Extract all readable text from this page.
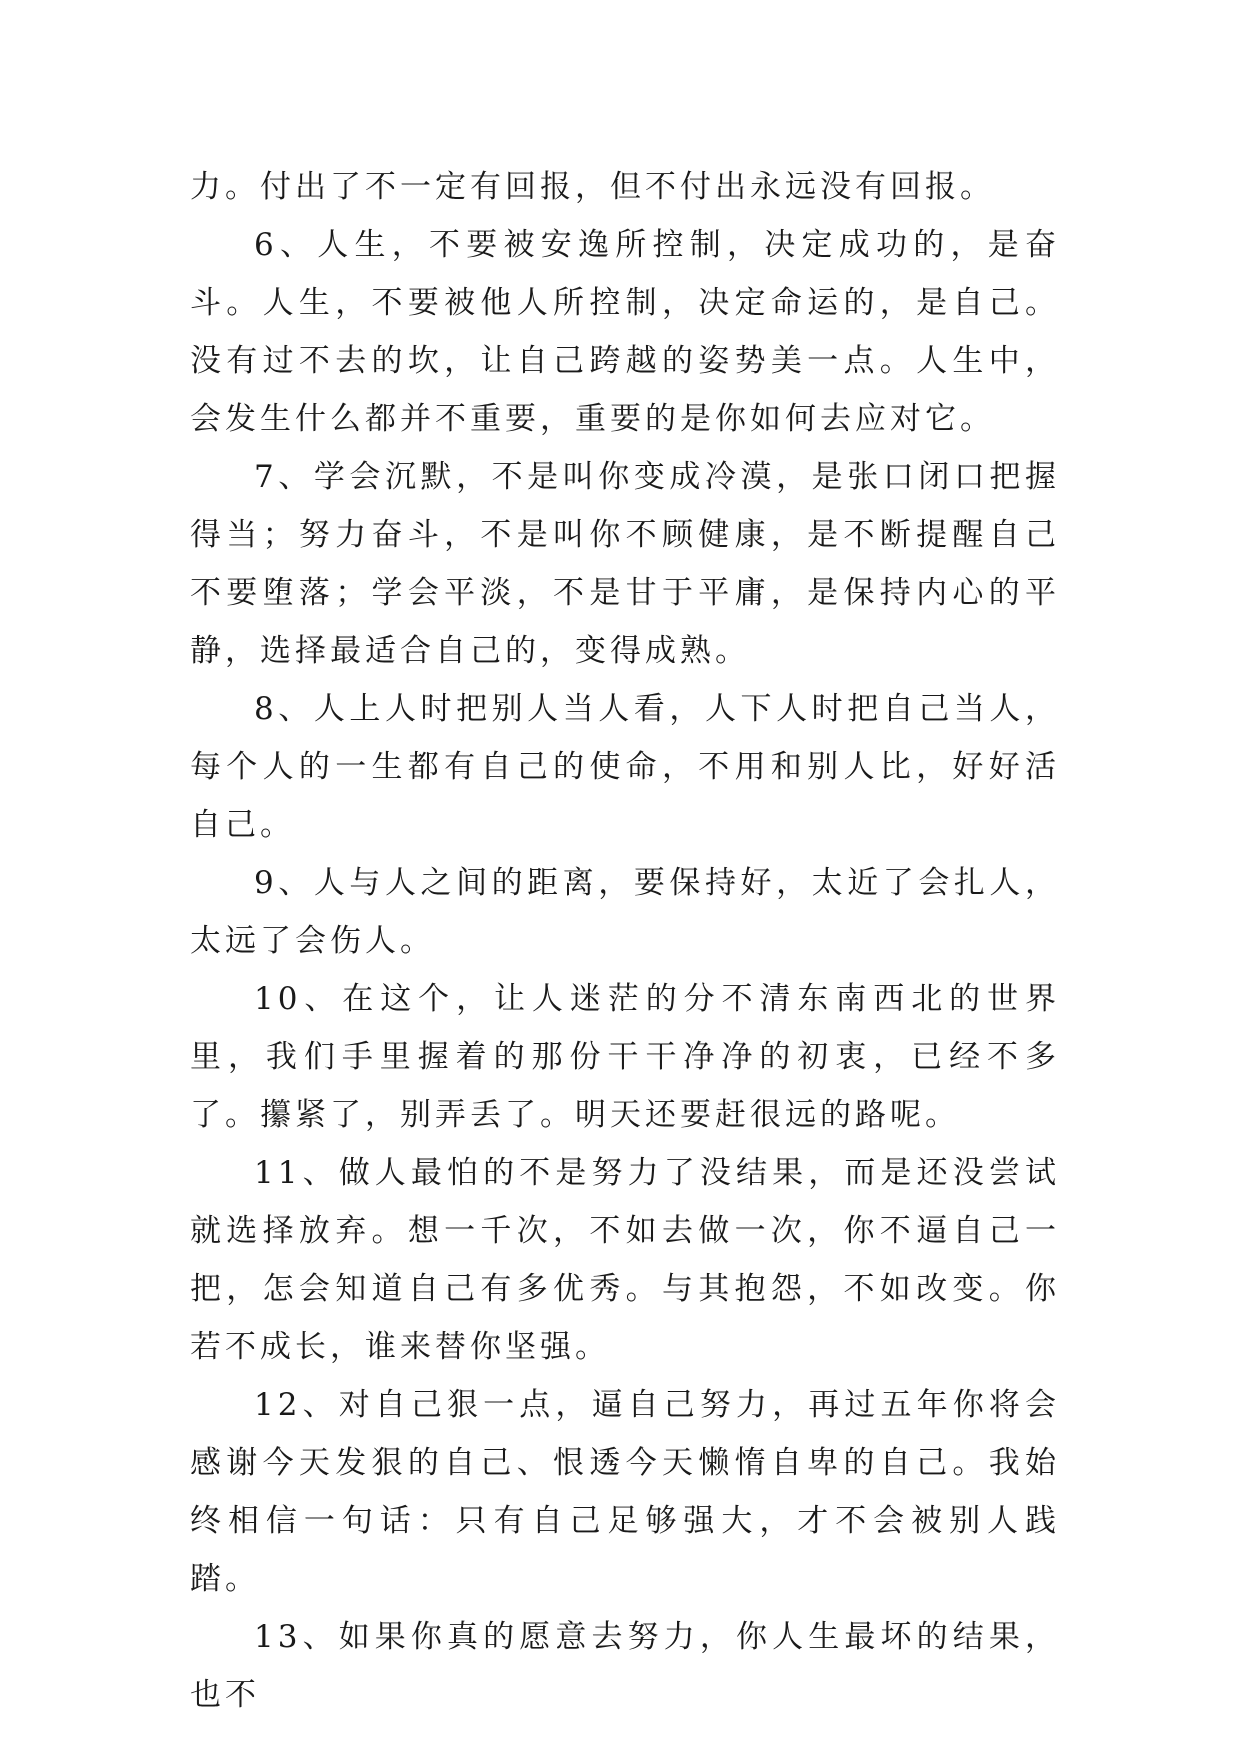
力。付出了不一定有回报，但不付出永远没有回报。

6、人生，不要被安逸所控制，决定成功的，是奋斗。人生，不要被他人所控制，决定命运的，是自己。没有过不去的坎，让自己跨越的姿势美一点。人生中，会发生什么都并不重要，重要的是你如何去应对它。

7、学会沉默，不是叫你变成冷漠，是张口闭口把握得当；努力奋斗，不是叫你不顾健康，是不断提醒自己不要堕落；学会平淡，不是甘于平庸，是保持内心的平静，选择最适合自己的，变得成熟。

8、人上人时把别人当人看，人下人时把自己当人，每个人的一生都有自己的使命，不用和别人比，好好活自己。

9、人与人之间的距离，要保持好，太近了会扎人，太远了会伤人。

10、在这个，让人迷茫的分不清东南西北的世界里，我们手里握着的那份干干净净的初衷，已经不多了。攥紧了，别弄丢了。明天还要赶很远的路呢。

11、做人最怕的不是努力了没结果，而是还没尝试就选择放弃。想一千次，不如去做一次，你不逼自己一把，怎会知道自己有多优秀。与其抱怨，不如改变。你若不成长，谁来替你坚强。

12、对自己狠一点，逼自己努力，再过五年你将会感谢今天发狠的自己、恨透今天懒惰自卑的自己。我始终相信一句话：只有自己足够强大，才不会被别人践踏。

13、如果你真的愿意去努力，你人生最坏的结果，也不
